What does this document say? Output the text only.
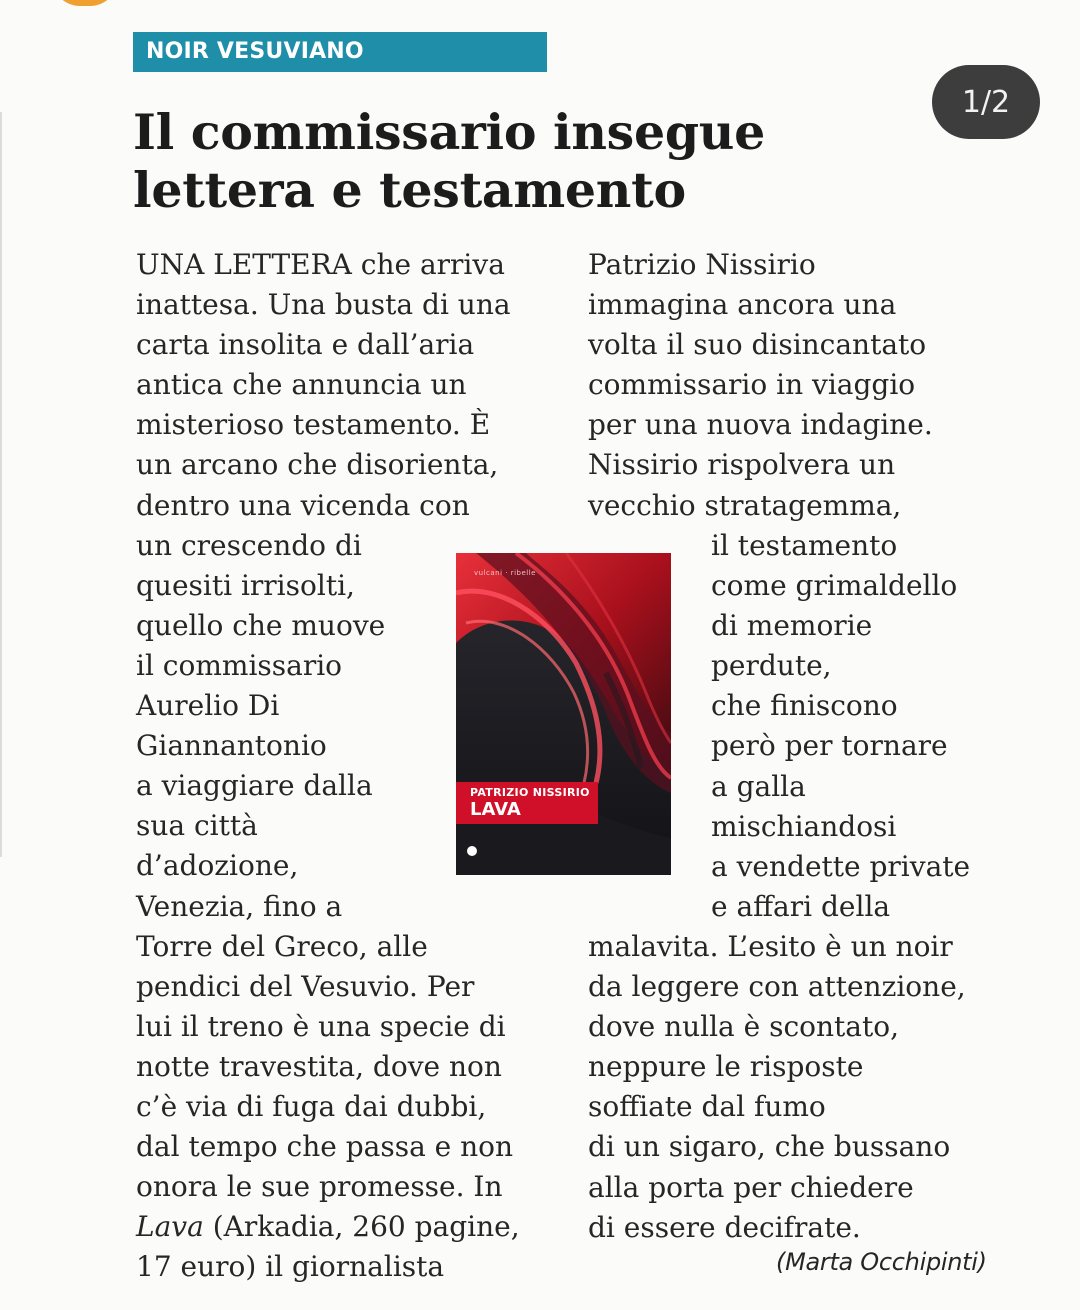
NOIR VESUVIANO
1/2
Il commissario insegue
lettera e testamento
UNA LETTERA che arriva
inattesa. Una busta di una
carta insolita e dall’aria
antica che annuncia un
misterioso testamento. È
un arcano che disorienta,
dentro una vicenda con
un crescendo di
quesiti irrisolti,
quello che muove
il commissario
Aurelio Di
Giannantonio
a viaggiare dalla
sua città
d’adozione,
Venezia, fino a
Torre del Greco, alle
pendici del Vesuvio. Per
lui il treno è una specie di
notte travestita, dove non
c’è via di fuga dai dubbi,
dal tempo che passa e non
onora le sue promesse. In
Lava (Arkadia, 260 pagine,
17 euro) il giornalista
Patrizio Nissirio
immagina ancora una
volta il suo disincantato
commissario in viaggio
per una nuova indagine.
Nissirio rispolvera un
vecchio stratagemma,
il testamento
come grimaldello
di memorie
perdute,
che finiscono
però per tornare
a galla
mischiandosi
a vendette private
e affari della
malavita. L’esito è un noir
da leggere con attenzione,
dove nulla è scontato,
neppure le risposte
soffiate dal fumo
di un sigaro, che bussano
alla porta per chiedere
di essere decifrate.
vulcani · ribelle
PATRIZIO NISSIRIO
LAVA
(Marta Occhipinti)
